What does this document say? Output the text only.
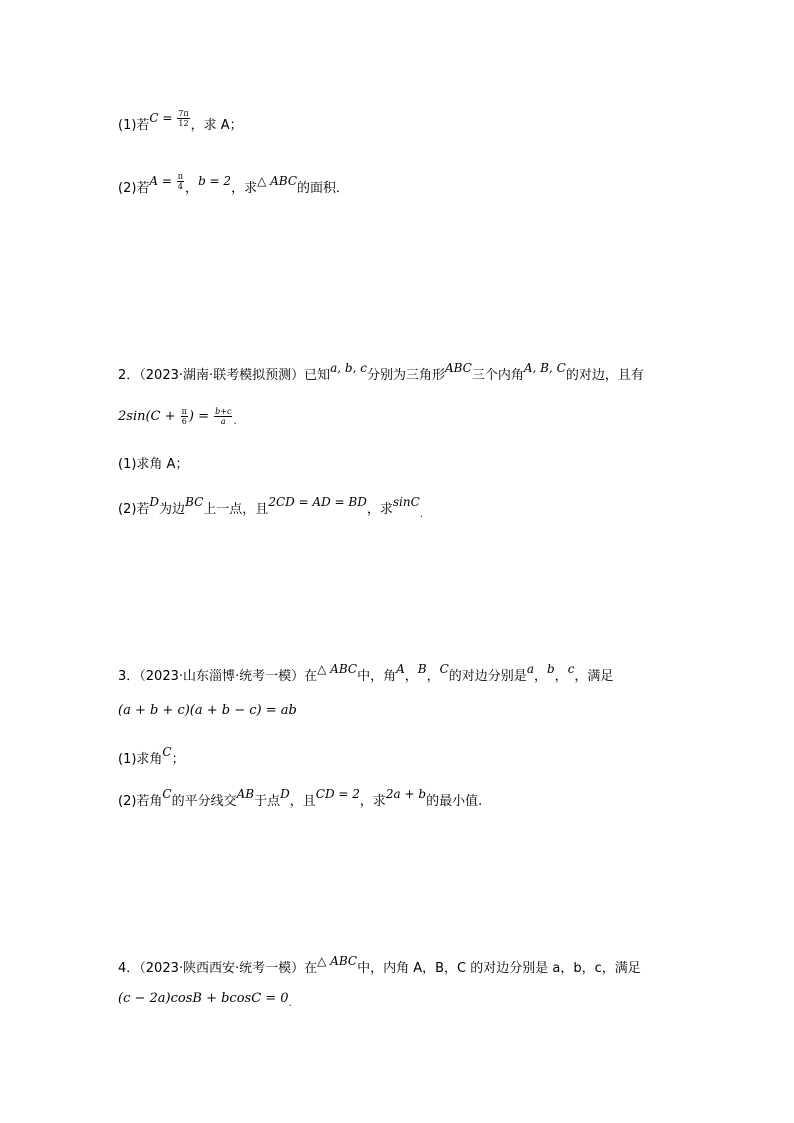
(1)若$C = \frac{7\pi}{12}$ ，求 A；
(2)若$A = \frac{\pi}{4}$ ，b = 2，求△ ABC的面积．
2．（2023·湖南·联考模拟预测）已知a, b, c分别为三角形ABC三个内角A, B, C的对边，且有
$2\sin(C + \frac{\pi}{6}$ ) = $\frac{b+c}{a} _.$
(1)求角 A；
(2)若D为边BC上一点，且2CD = AD = BD，求sinC$_.$
3．（2023·山东淄博·统考一模）在△ ABC中，角A，B，C的对边分别是a，b，c，满足
(a + b + c)(a + b − c) = ab
(1)求角C；
(2)若角C的平分线交AB于点D，且CD = 2，求2a + b的最小值.
4．（2023·陕西西安·统考一模）在△ ABC中，内角 A，B，C 的对边分别是 a，b，c，满足
$(c - 2a)\cos B + bcosC = 0_.$
